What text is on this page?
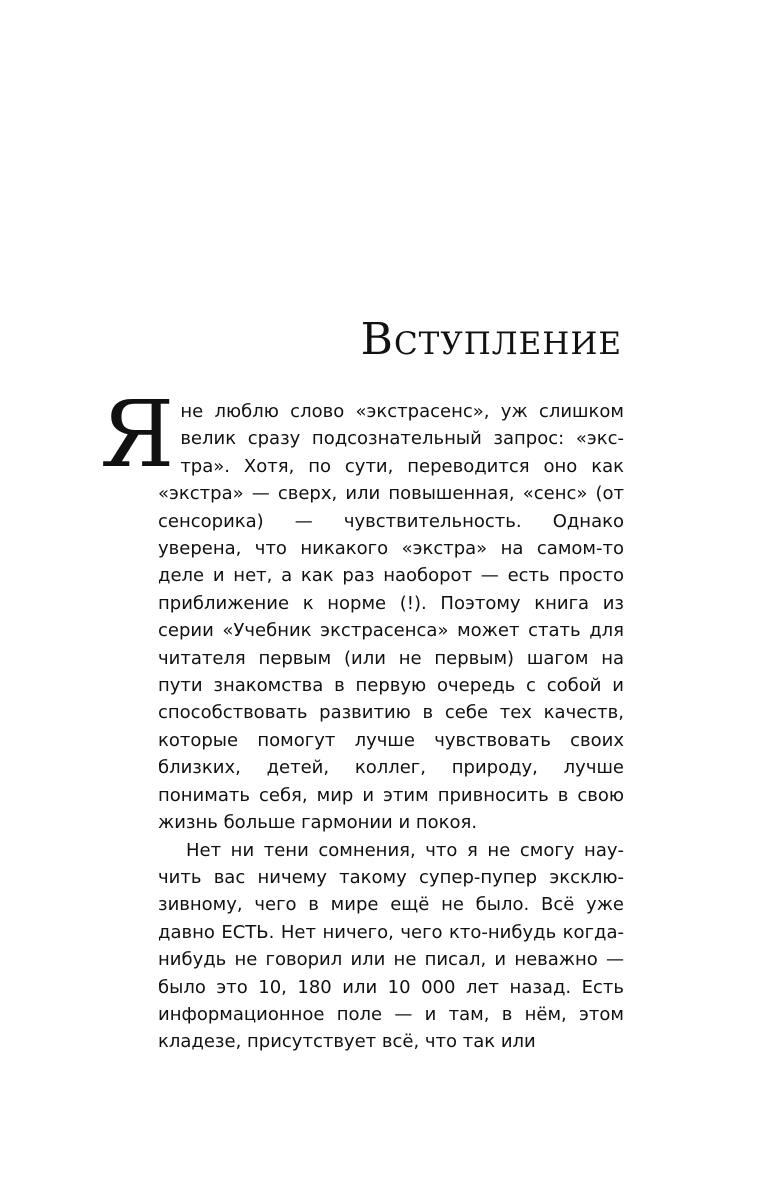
Вступление

Яне люблю слово «экстрасенс», уж слишком велик сразу подсознательный запрос: «экстра». Хотя, по сути, переводится оно как «экстра» — сверх, или повышенная, «сенс» (от сенсорика) — чувствительность. Однако уверена, что никакого «экстра» на самом-то деле и нет, а как раз наоборот — есть просто приближение к норме (!). Поэтому книга из серии «Учебник экстрасенса» может стать для читателя первым (или не первым) шагом на пути знакомства в первую очередь с собой и способствовать развитию в себе тех качеств, которые помогут лучше чувствовать своих близких, детей, коллег, природу, лучше понимать себя, мир и этим привносить в свою жизнь больше гармонии и покоя.

Нет ни тени сомнения, что я не смогу научить вас ничему такому супер-пупер эксклюзивному, чего в мире ещё не было. Всё уже давно ЕСТЬ. Нет ничего, чего кто-нибудь когда-нибудь не говорил или не писал, и неважно — было это 10, 180 или 10 000 лет назад. Есть информационное поле — и там, в нём, этом кладезе, присутствует всё, что так или
